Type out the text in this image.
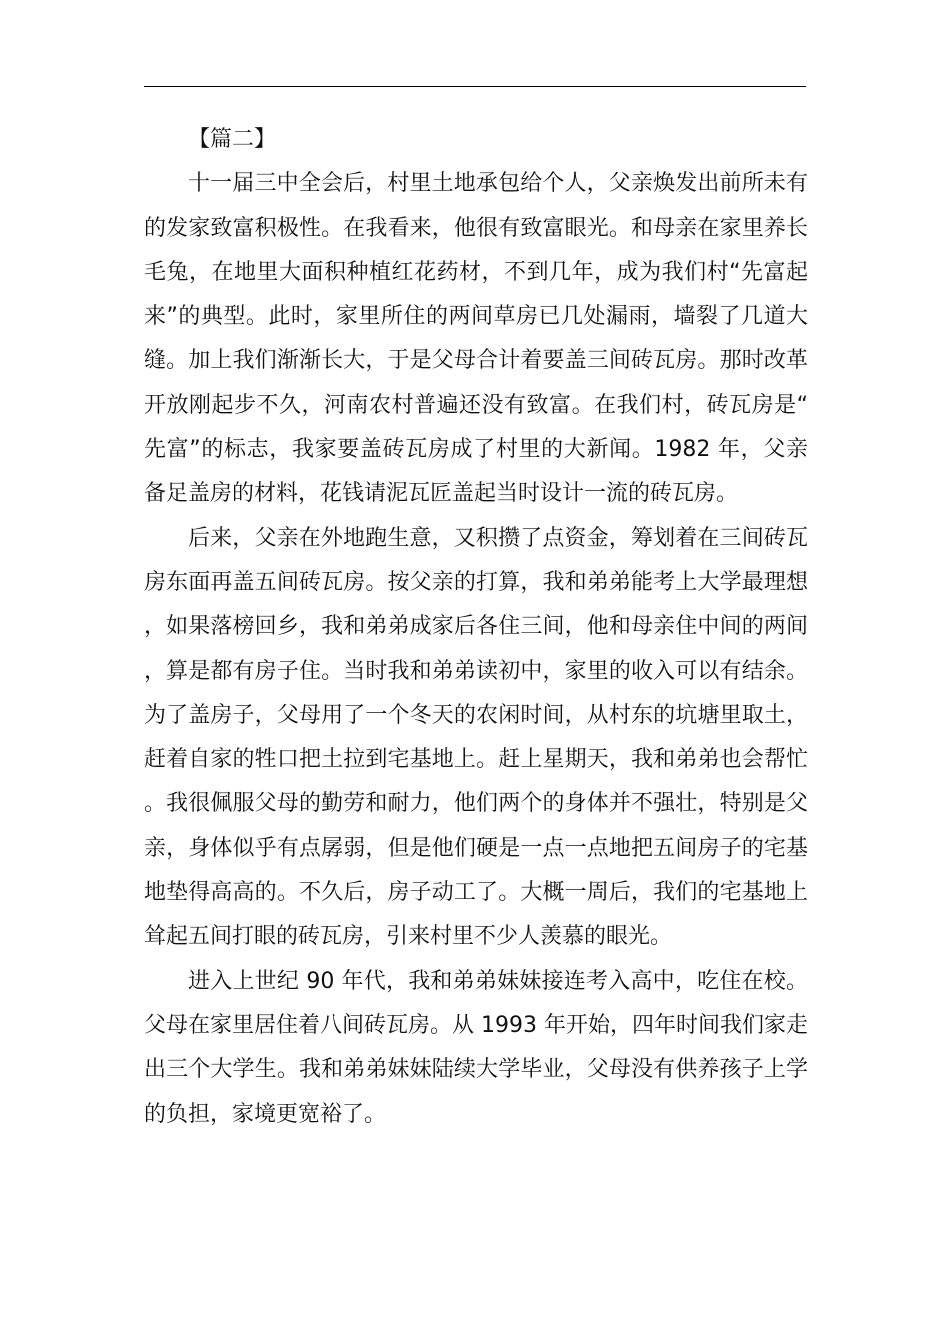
【篇二】

十一届三中全会后，村里土地承包给个人，父亲焕发出前所未有的发家致富积极性。在我看来，他很有致富眼光。和母亲在家里养长毛兔，在地里大面积种植红花药材，不到几年，成为我们村“先富起来”的典型。此时，家里所住的两间草房已几处漏雨，墙裂了几道大缝。加上我们渐渐长大，于是父母合计着要盖三间砖瓦房。那时改革开放刚起步不久，河南农村普遍还没有致富。在我们村，砖瓦房是“先富”的标志，我家要盖砖瓦房成了村里的大新闻。1982 年，父亲备足盖房的材料，花钱请泥瓦匠盖起当时设计一流的砖瓦房。

后来，父亲在外地跑生意，又积攒了点资金，筹划着在三间砖瓦房东面再盖五间砖瓦房。按父亲的打算，我和弟弟能考上大学最理想，如果落榜回乡，我和弟弟成家后各住三间，他和母亲住中间的两间，算是都有房子住。当时我和弟弟读初中，家里的收入可以有结余。为了盖房子，父母用了一个冬天的农闲时间，从村东的坑塘里取土，赶着自家的牲口把土拉到宅基地上。赶上星期天，我和弟弟也会帮忙。我很佩服父母的勤劳和耐力，他们两个的身体并不强壮，特别是父亲，身体似乎有点孱弱，但是他们硬是一点一点地把五间房子的宅基地垫得高高的。不久后，房子动工了。大概一周后，我们的宅基地上耸起五间打眼的砖瓦房，引来村里不少人羡慕的眼光。

进入上世纪 90 年代，我和弟弟妹妹接连考入高中，吃住在校。父母在家里居住着八间砖瓦房。从 1993 年开始，四年时间我们家走出三个大学生。我和弟弟妹妹陆续大学毕业，父母没有供养孩子上学的负担，家境更宽裕了。
